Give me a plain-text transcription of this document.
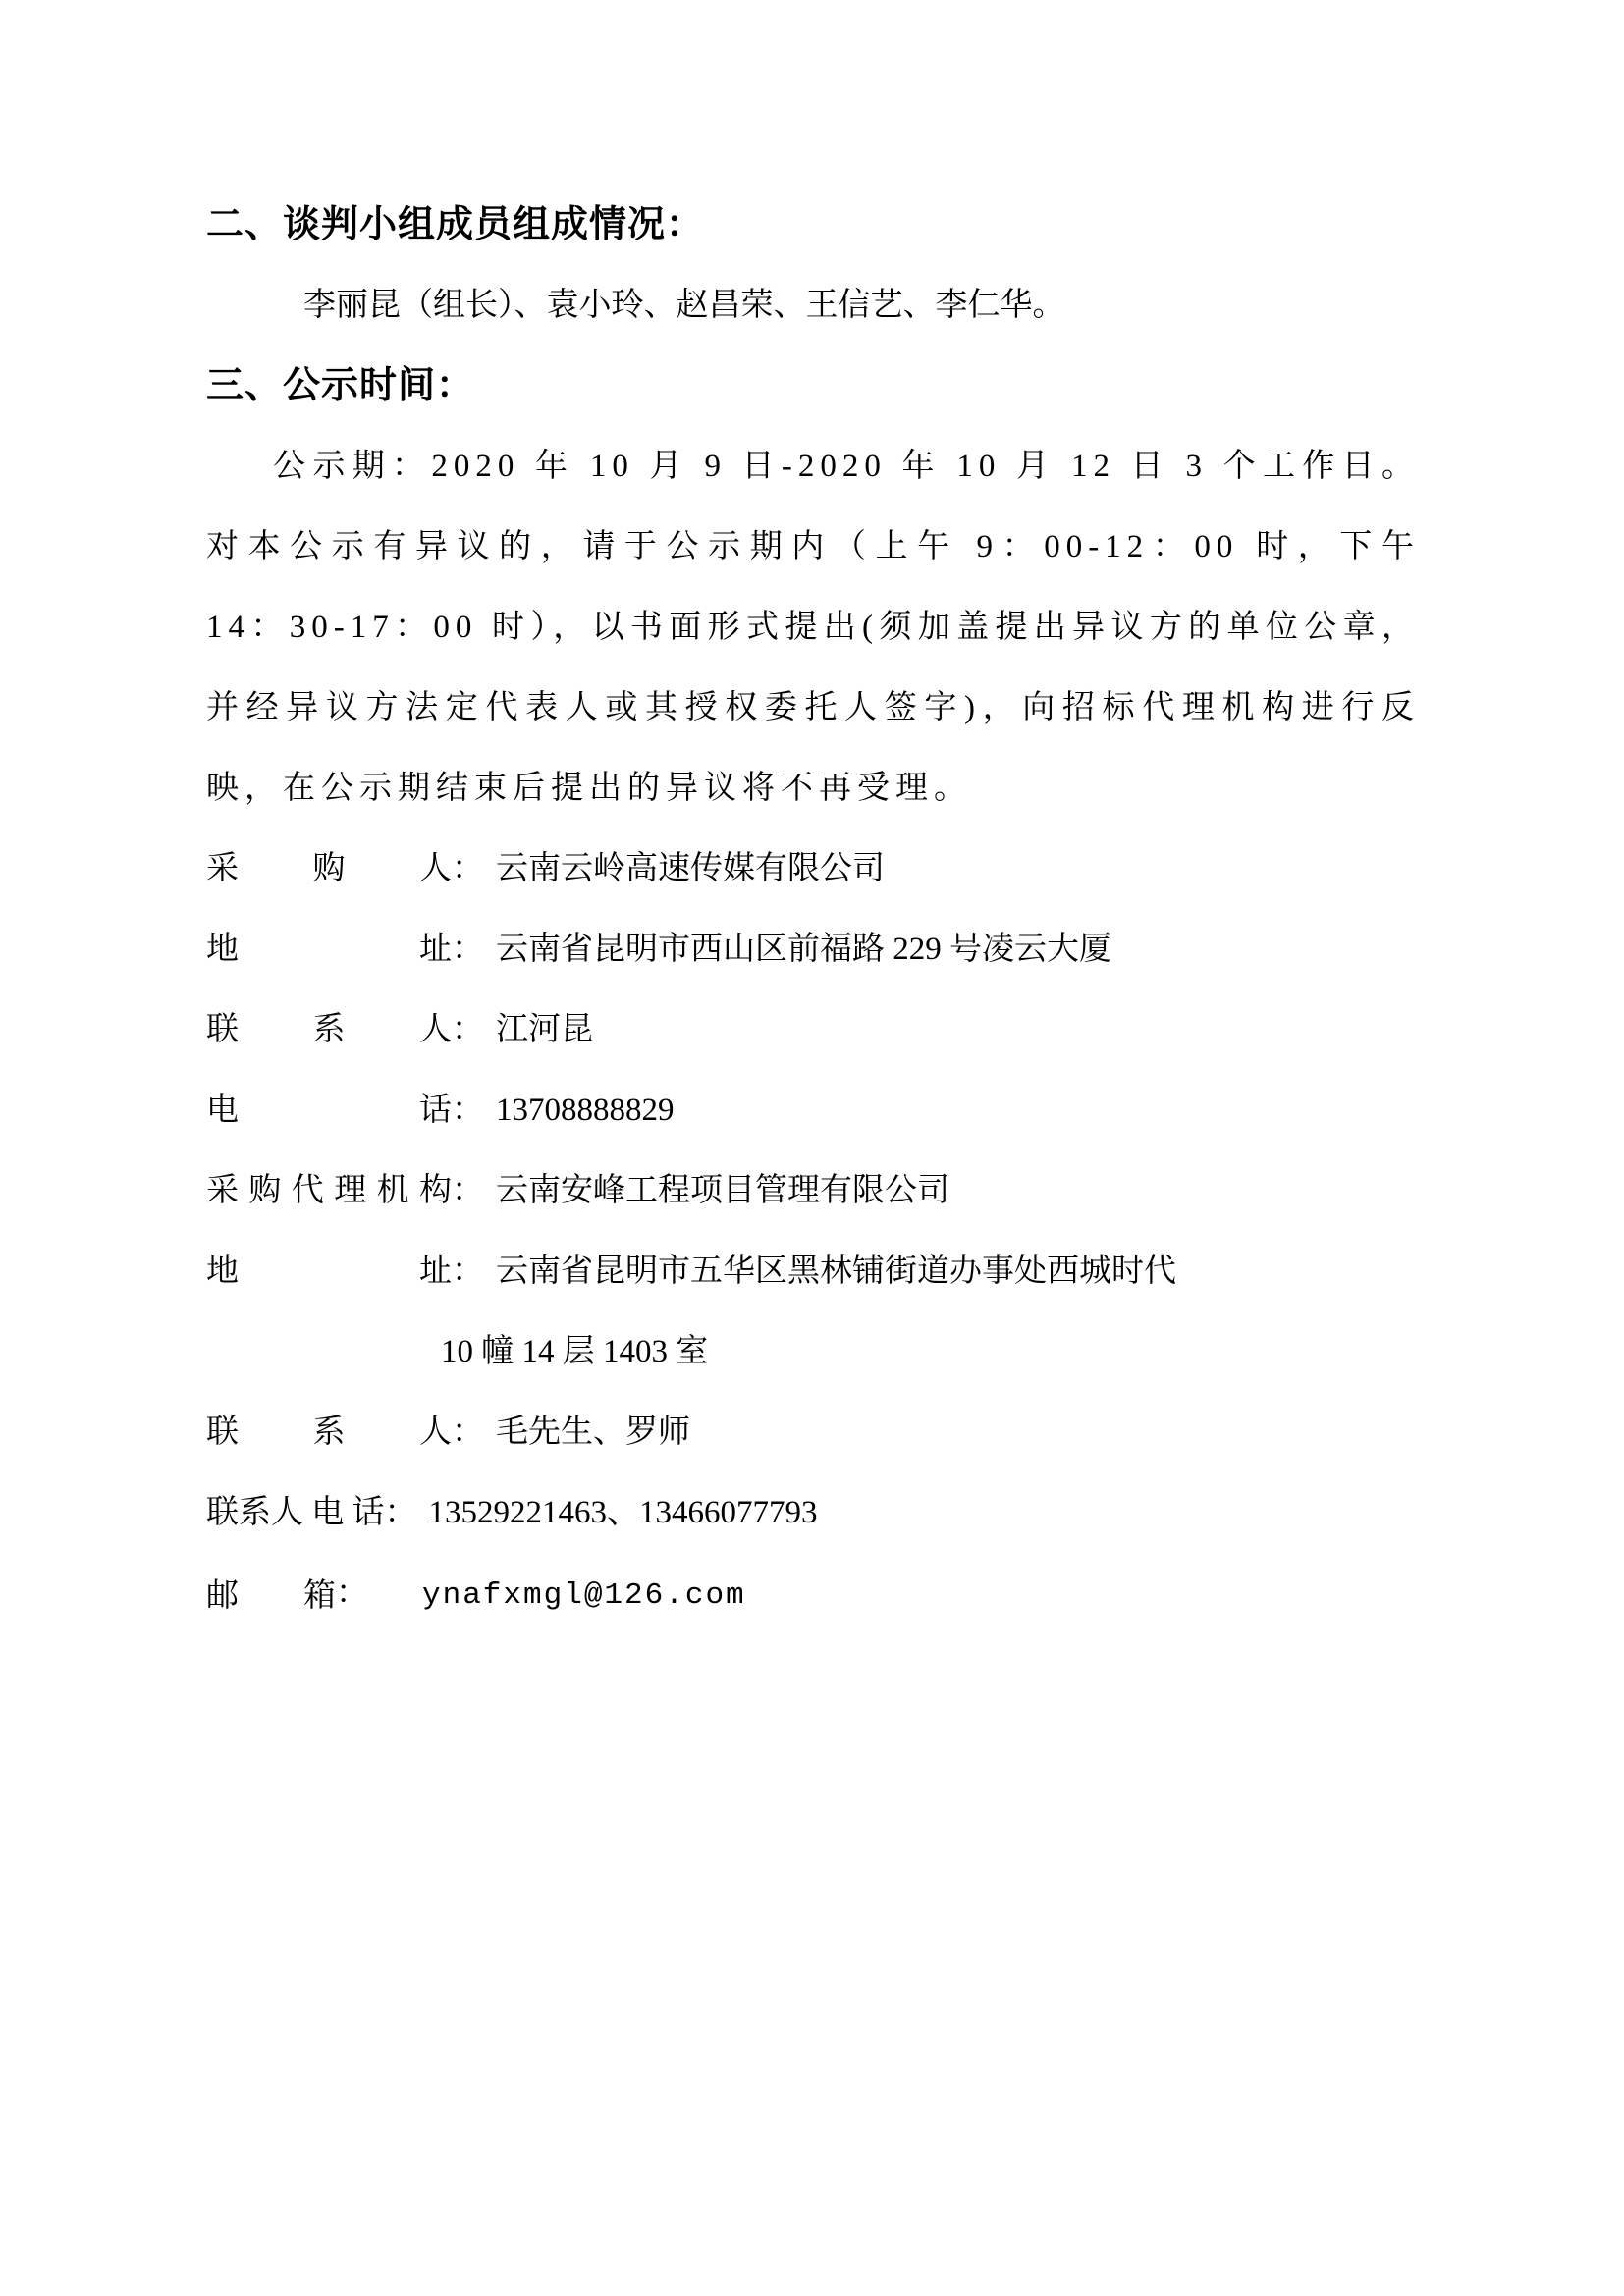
二、谈判小组成员组成情况：

李丽昆（组长）、袁小玲、赵昌荣、王信艺、李仁华。

三、公示时间：

公示期：2020 年 10 月 9 日-2020 年 10 月 12 日 3 个工作日。对本公示有异议的，请于公示期内（上午 9：00-12：00 时，下午 14：30-17：00 时），以书面形式提出(须加盖提出异议方的单位公章，并经异议方法定代表人或其授权委托人签字)，向招标代理机构进行反映，在公示期结束后提出的异议将不再受理。

采 购 人： 云南云岭高速传媒有限公司
地 址： 云南省昆明市西山区前福路 229 号凌云大厦
联 系 人： 江河昆
电 话： 13708888829
采购代理机构： 云南安峰工程项目管理有限公司
地 址： 云南省昆明市五华区黑林铺街道办事处西城时代
10 幢 14 层 1403 室
联 系 人： 毛先生、罗师
联系人 电 话： 13529221463、13466077793
邮　　箱： ynafxmgl@126.com
